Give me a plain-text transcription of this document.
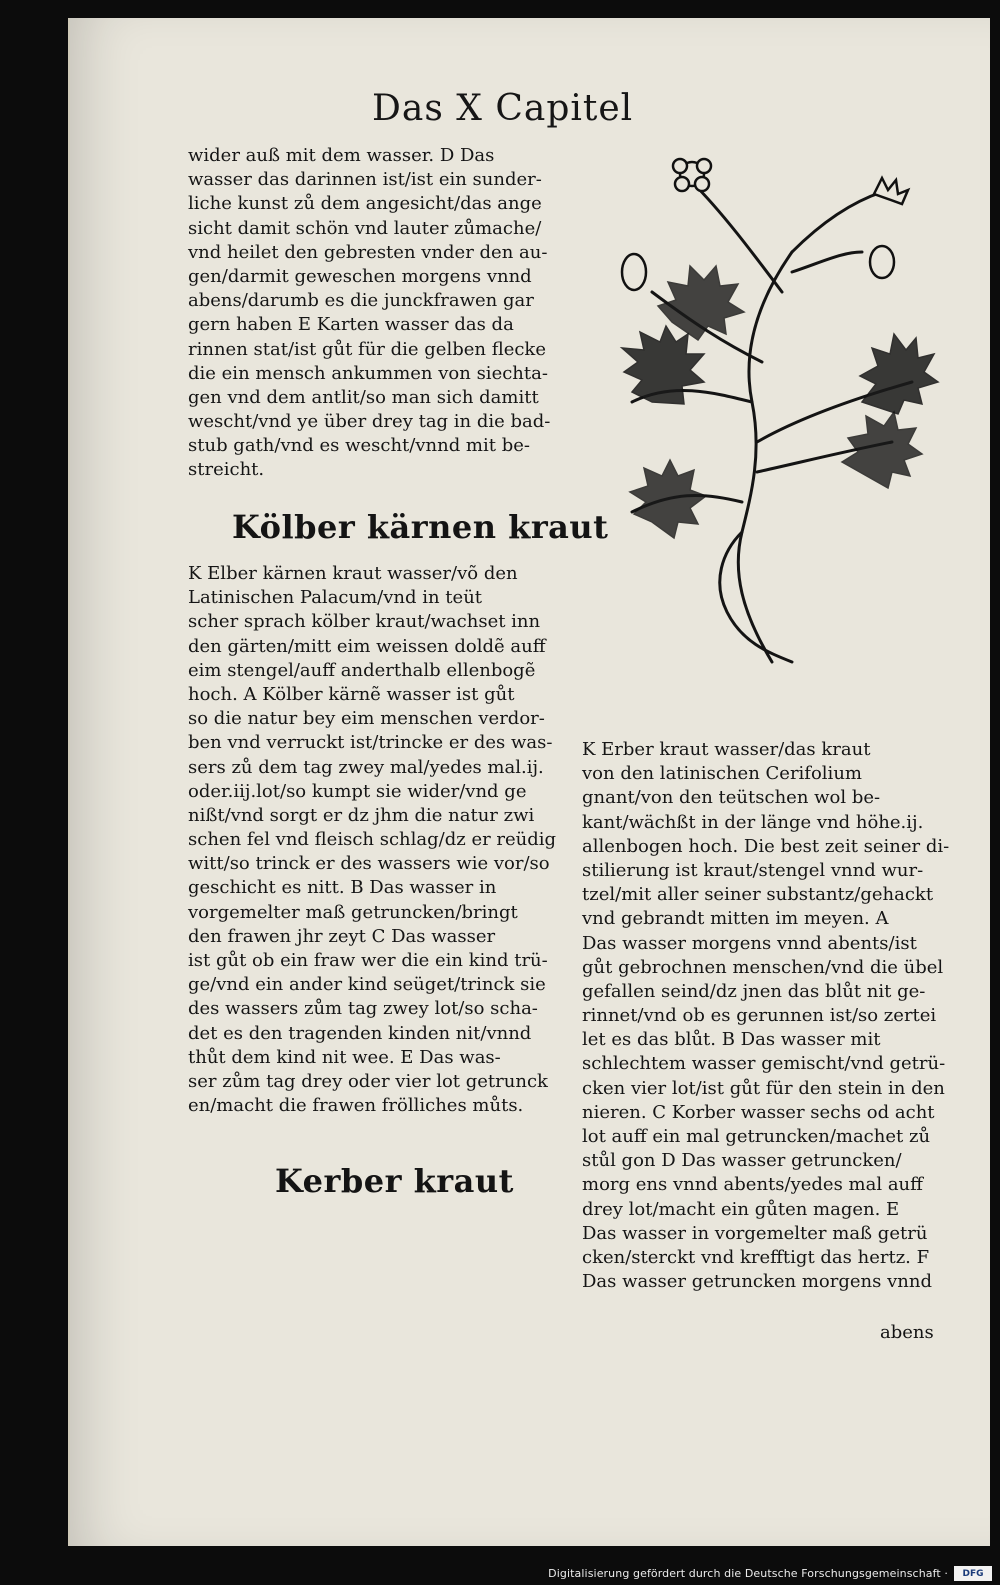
Das X Capitel
wider auß mit dem wasser. D Das
wasser das darinnen ist/ist ein sunder-
liche kunst zů dem angesicht/das ange
sicht damit schön vnd lauter zůmache/
vnd heilet den gebresten vnder den au-
gen/darmit geweschen morgens vnnd
abens/darumb es die junckfrawen gar
gern haben E Karten wasser das da
rinnen stat/ist gůt für die gelben flecke
die ein mensch ankummen von siechta-
gen vnd dem antlit/so man sich damitt
wescht/vnd ye über drey tag in die bad-
stub gath/vnd es wescht/vnnd mit be-
streicht.
Kölber kärnen kraut
K Elber kärnen kraut wasser/võ den
Latinischen Palacum/vnd in teüt
scher sprach kölber kraut/wachset inn
den gärten/mitt eim weissen doldẽ auff
eim stengel/auff anderthalb ellenbogẽ
hoch. A Kölber kärnẽ wasser ist gůt
so die natur bey eim menschen verdor-
ben vnd verruckt ist/trincke er des was-
sers zů dem tag zwey mal/yedes mal.ij.
oder.iij.lot/so kumpt sie wider/vnd ge
nißt/vnd sorgt er dz jhm die natur zwi
schen fel vnd fleisch schlag/dz er reüdig
witt/so trinck er des wassers wie vor/so
geschicht es nitt. B Das wasser in
vorgemelter maß getruncken/bringt
den frawen jhr zeyt C Das wasser
ist gůt ob ein fraw wer die ein kind trü-
ge/vnd ein ander kind seüget/trinck sie
des wassers zům tag zwey lot/so scha-
det es den tragenden kinden nit/vnnd
thůt dem kind nit wee. E Das was-
ser zům tag drey oder vier lot getrunck
en/macht die frawen frölliches můts.
Kerber kraut
K Erber kraut wasser/das kraut
von den latinischen Cerifolium
gnant/von den teütschen wol be-
kant/wächßt in der länge vnd höhe.ij.
allenbogen hoch. Die best zeit seiner di-
stilierung ist kraut/stengel vnnd wur-
tzel/mit aller seiner substantz/gehackt
vnd gebrandt mitten im meyen. A
Das wasser morgens vnnd abents/ist
gůt gebrochnen menschen/vnd die übel
gefallen seind/dz jnen das blůt nit ge-
rinnet/vnd ob es gerunnen ist/so zertei
let es das blůt. B Das wasser mit
schlechtem wasser gemischt/vnd getrü-
cken vier lot/ist gůt für den stein in den
nieren. C Korber wasser sechs od acht
lot auff ein mal getruncken/machet zů
stůl gon D Das wasser getruncken/
morg ens vnnd abents/yedes mal auff
drey lot/macht ein gůten magen. E
Das wasser in vorgemelter maß getrü
cken/sterckt vnd krefftigt das hertz. F
Das wasser getruncken morgens vnnd
abens
Digitalisierung gefördert durch die Deutsche Forschungsgemeinschaft ·	DFG
